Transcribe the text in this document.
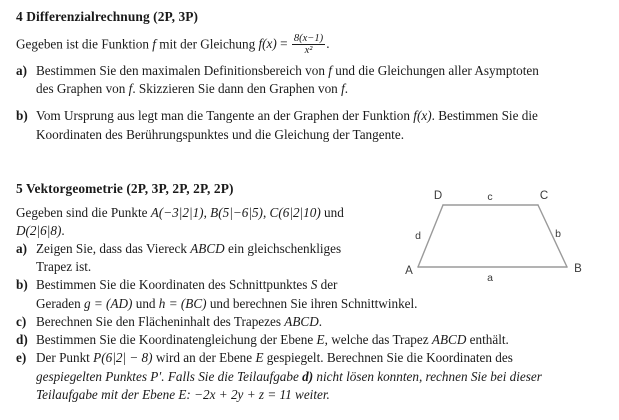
4 Differenzialrechnung (2P, 3P)
Gegeben ist die Funktion f mit der Gleichung $f(x) = \frac{8(x-1)}{\text{x²}}$ .
a) Bestimmen Sie den maximalen Definitionsbereich von f und die Gleichungen aller Asymptoten
des Graphen von f. Skizzieren Sie dann den Graphen von f.
b) Vom Ursprung aus legt man die Tangente an der Graphen der Funktion f(x). Bestimmen Sie die
Koordinaten des Berührungspunktes und die Gleichung der Tangente.
5 Vektorgeometrie (2P, 3P, 2P, 2P, 2P)
Gegeben sind die Punkte A(−3|2|1), B(5|−6|5), C(6|2|10) und
D(2|6|8).
a) Zeigen Sie, dass das Viereck ABCD ein gleichschenkliges
Trapez ist.
b) Bestimmen Sie die Koordinaten des Schnittpunktes S der
Geraden g = (AD) und h = (BC) und berechnen Sie ihren Schnittwinkel.
c) Berechnen Sie den Flächeninhalt des Trapezes ABCD.
d) Bestimmen Sie die Koordinatengleichung der Ebene E, welche das Trapez ABCD enthält.
e) Der Punkt P(6|2| − 8) wird an der Ebene E gespiegelt. Berechnen Sie die Koordinaten des
gespiegelten Punktes P′. Falls Sie die Teilaufgabe d) nicht lösen konnten, rechnen Sie bei dieser
Teilaufgabe mit der Ebene E: −2x + 2y + z = 11 weiter.
D	C
A	B
c
a
d	b
